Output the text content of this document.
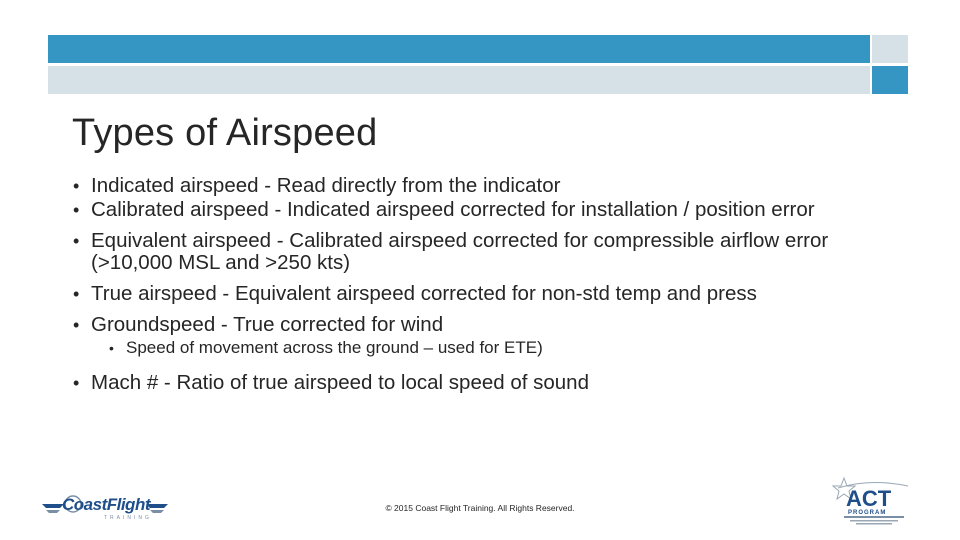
Types of Airspeed
• Indicated airspeed - Read directly from the indicator
• Calibrated airspeed - Indicated airspeed corrected for installation / position error
• Equivalent airspeed - Calibrated airspeed corrected for compressible airflow error (>10,000 MSL and >250 kts)
• True airspeed - Equivalent airspeed corrected for non-std temp and press
• Groundspeed - True corrected for wind
• Speed of movement across the ground – used for ETE)
• Mach # - Ratio of true airspeed to local speed of sound
CoastFlight
TRAINING
© 2015 Coast Flight Training. All Rights Reserved.	ACT
PROGRAM
